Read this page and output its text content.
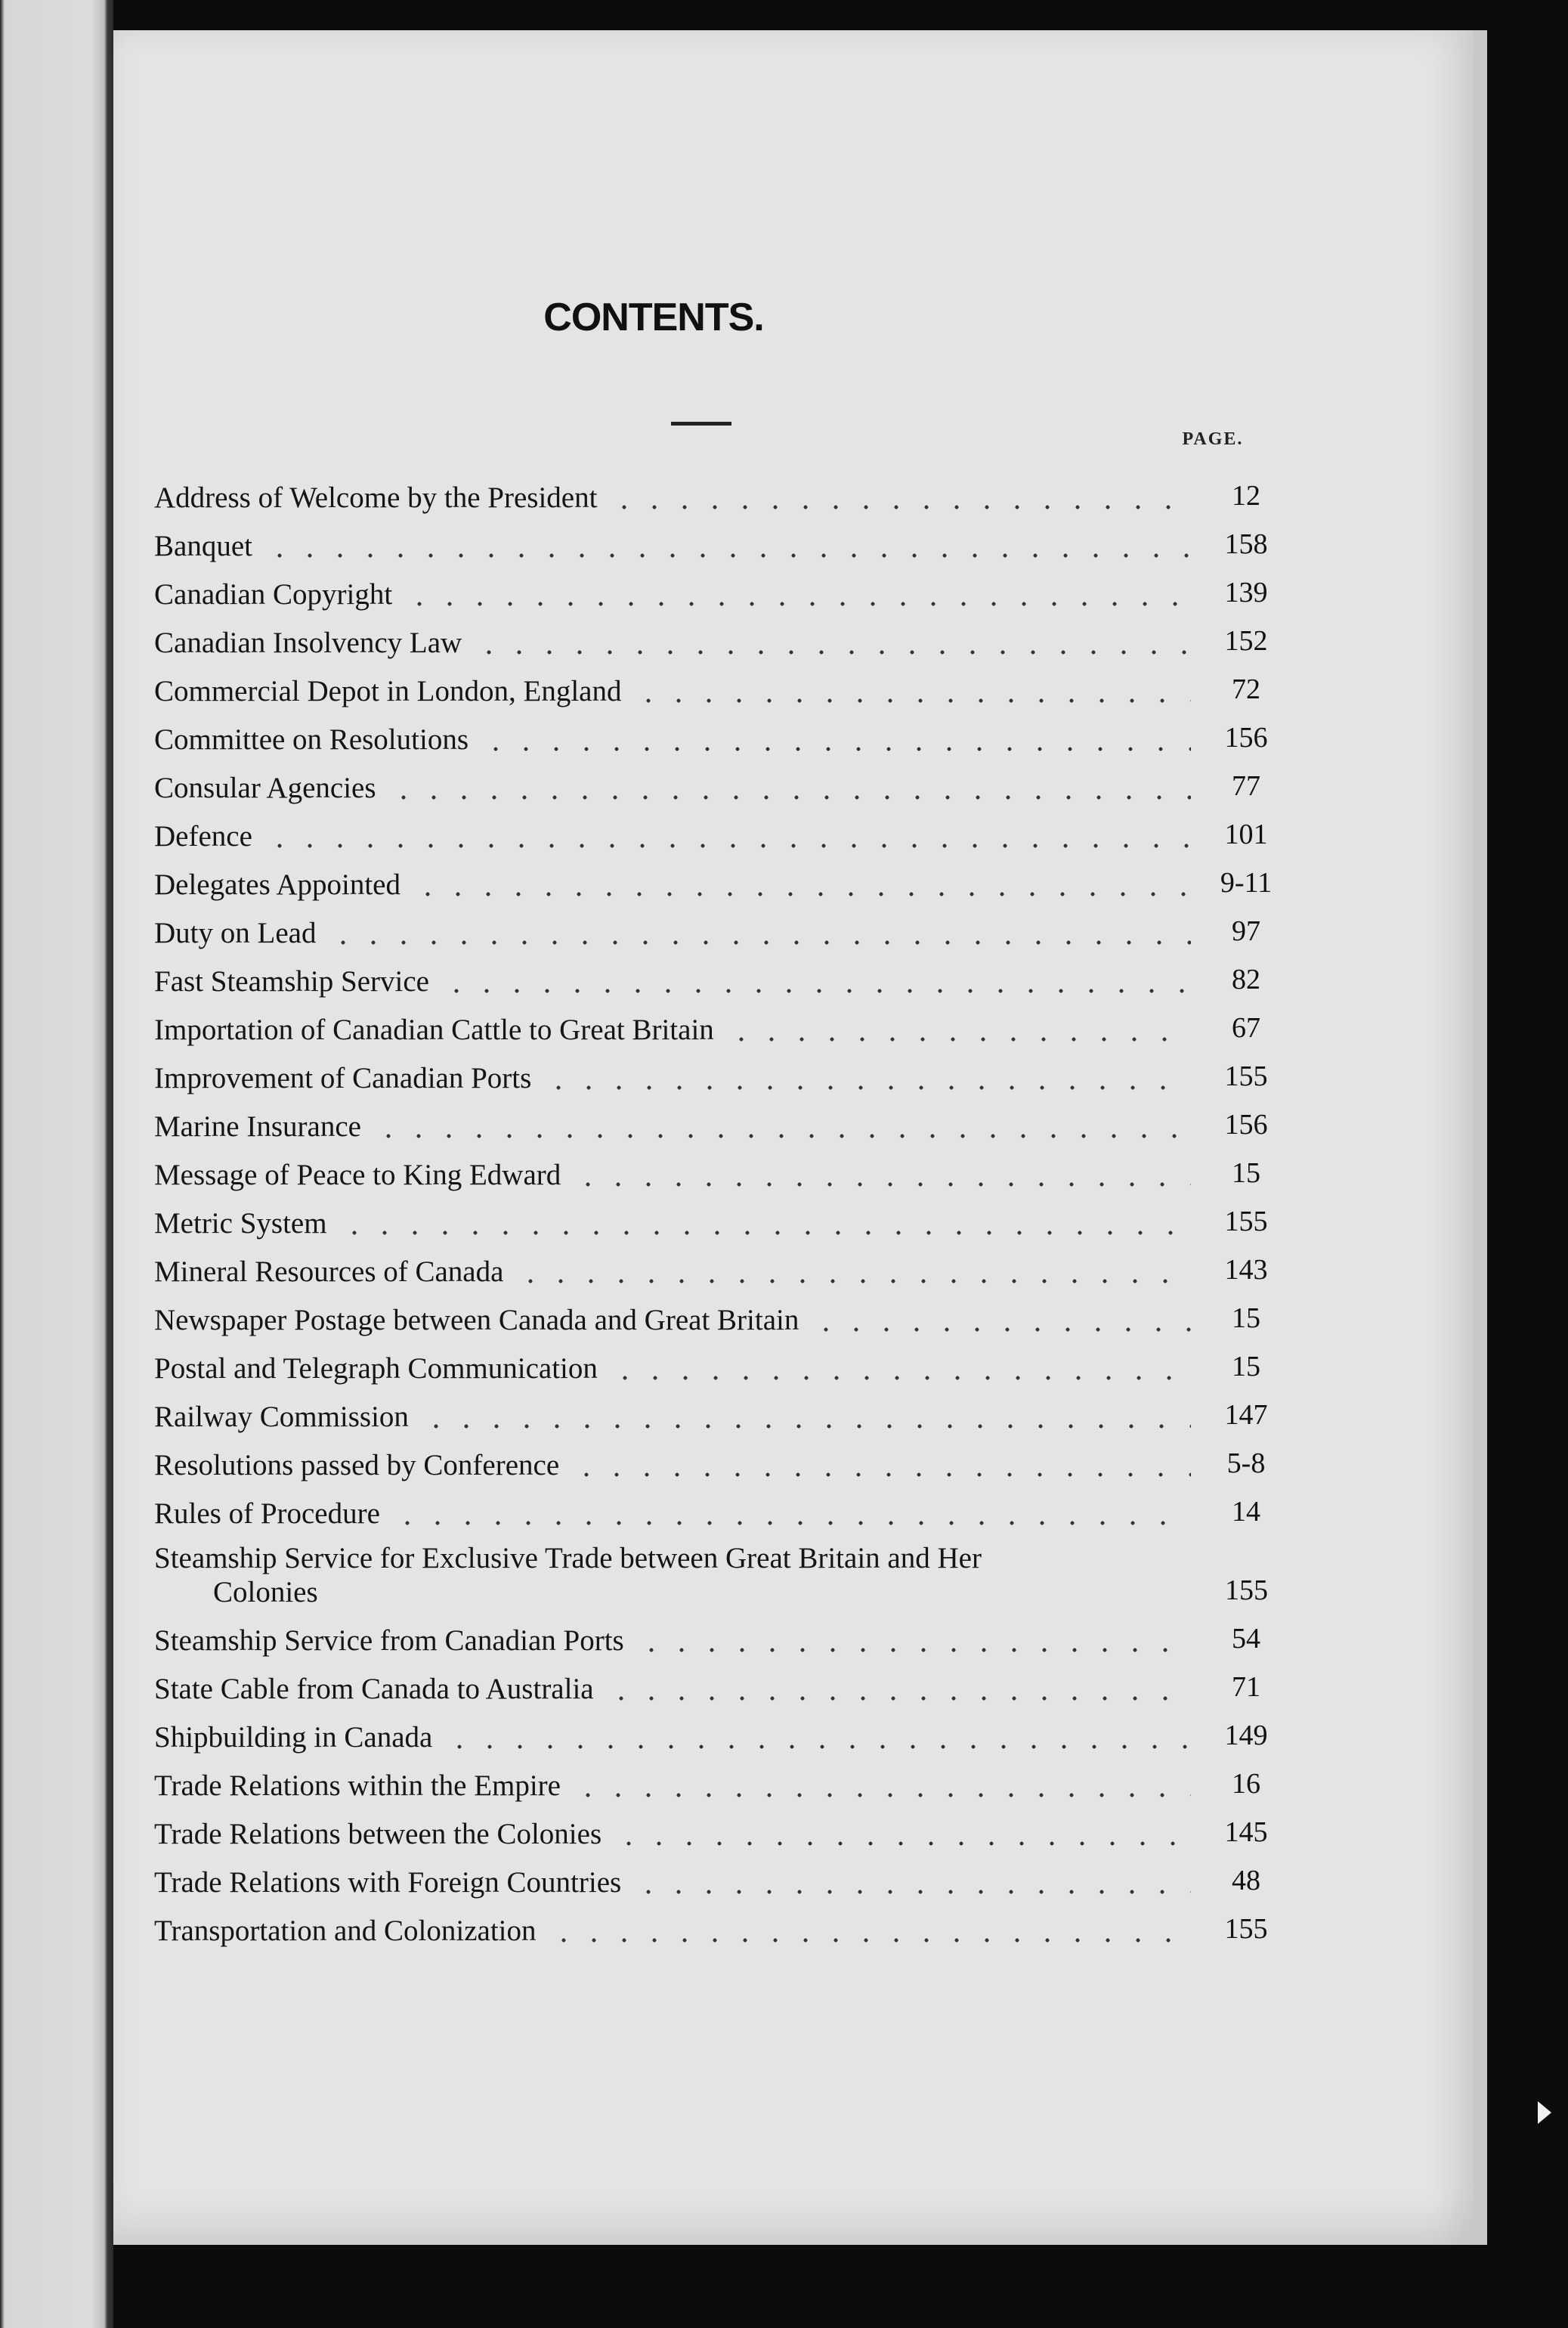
CONTENTS.
PAGE.
Address of Welcome by the President	12
Banquet	158
Canadian Copyright	139
Canadian Insolvency Law	152
Commercial Depot in London, England	72
Committee on Resolutions	156
Consular Agencies	77
Defence	101
Delegates Appointed	9-11
Duty on Lead	97
Fast Steamship Service	82
Importation of Canadian Cattle to Great Britain	67
Improvement of Canadian Ports	155
Marine Insurance	156
Message of Peace to King Edward	15
Metric System	155
Mineral Resources of Canada	143
Newspaper Postage between Canada and Great Britain	15
Postal and Telegraph Communication	15
Railway Commission	147
Resolutions passed by Conference	5-8
Rules of Procedure	14
Steamship Service for Exclusive Trade between Great Britain and Her
Colonies	155
Steamship Service from Canadian Ports	54
State Cable from Canada to Australia	71
Shipbuilding in Canada	149
Trade Relations within the Empire	16
Trade Relations between the Colonies	145
Trade Relations with Foreign Countries	48
Transportation and Colonization	155
